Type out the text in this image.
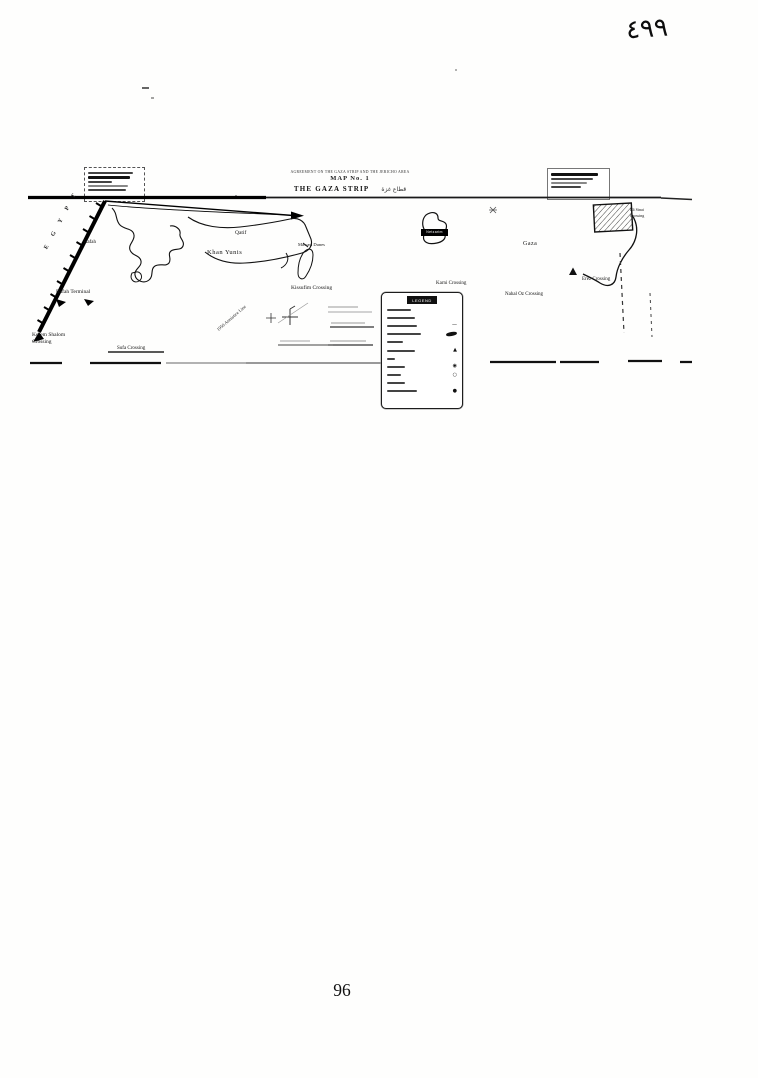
٤٩٩
AGREEMENT ON THE GAZA STRIP AND THE JERICHO AREA
MAP No. 1
THE GAZA STRIP قطاع غزة
E G Y P T Rafah
Rafah Terminal
Kerem Shalom
Crossing
Sufa Crossing
Khan Yunis
Qatif
Mawasi Dunes
Kissufim Crossing
Netzarim
Karni Crossing
Gaza
Nahal Oz Crossing
Erez Crossing
Eli Sinai
Crossing
1950 Armistice Line
LEGEND
—
▲
◉
○
●
96
